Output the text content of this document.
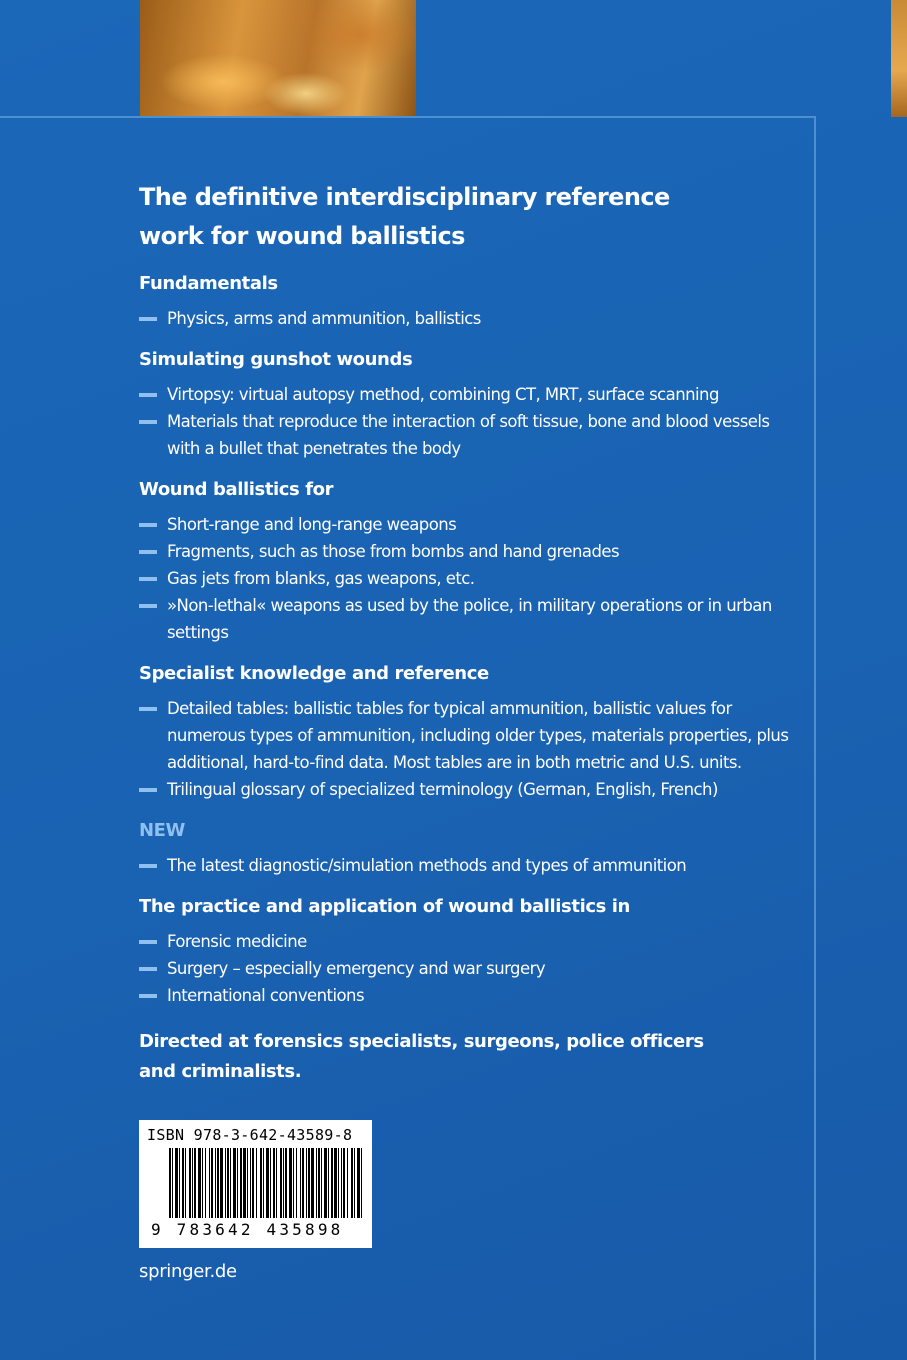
The definitive interdisciplinary reference
work for wound ballistics
Fundamentals
Physics, arms and ammunition, ballistics
Simulating gunshot wounds
Virtopsy: virtual autopsy method, combining CT, MRT, surface scanning
Materials that reproduce the interaction of soft tissue, bone and blood vessels with a bullet that penetrates the body
Wound ballistics for
Short-range and long-range weapons
Fragments, such as those from bombs and hand grenades
Gas jets from blanks, gas weapons, etc.
»Non-lethal« weapons as used by the police, in military operations or in urban settings
Specialist knowledge and reference
Detailed tables: ballistic tables for typical ammunition, ballistic values for numerous types of ammunition, including older types, materials properties, plus additional, hard-to-find data. Most tables are in both metric and U.S. units.
Trilingual glossary of specialized terminology (German, English, French)
NEW
The latest diagnostic/simulation methods and types of ammunition
The practice and application of wound ballistics in
Forensic medicine
Surgery – especially emergency and war surgery
International conventions

Directed at forensics specialists, surgeons, police officers
and criminalists.

ISBN 978-3-642-43589-8
9 783642 435898
springer.de
